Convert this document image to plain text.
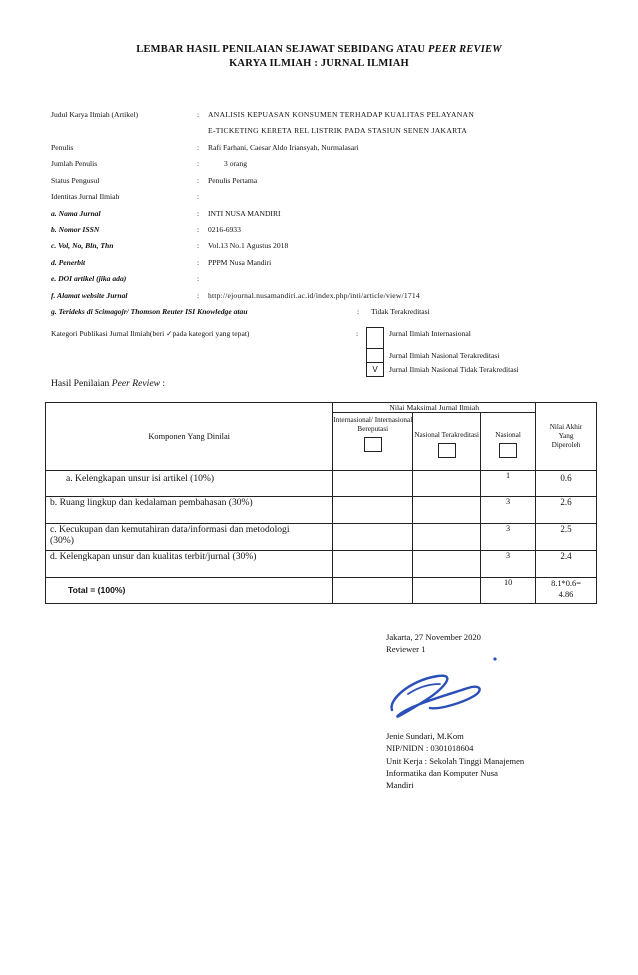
LEMBAR HASIL PENILAIAN SEJAWAT SEBIDANG ATAU PEER REVIEW
KARYA ILMIAH : JURNAL ILMIAH
Judul Karya Ilmiah (Artikel)	: ANALISIS KEPUASAN KONSUMEN TERHADAP KUALITAS PELAYANAN
E-TICKETING KERETA REL LISTRIK PADA STASIUN SENEN JAKARTA
Penulis	: Rafi Farhani, Caesar Aldo Iriansyah, Nurmalasari
Jumlah Penulis	:	3 orang
Status Pengusul	: Penulis Pertama
Identitas Jurnal Ilmiah	:
a. Nama Jurnal	: INTI NUSA MANDIRI
b. Nomor ISSN	: 0216-6933
c. Vol, No, Bln, Thn	: Vol.13 No.1 Agustus 2018
d. Penerbit	: PPPM Nusa Mandiri
e. DOI artikel (jika ada)	:
f. Alamat website Jurnal	: http://ejournal.nusamandiri.ac.id/index.php/inti/article/view/1714
g. Terideks di Scimagojr/ Thomson Reuter ISI Knowledge atau	: Tidak Terakreditasi
Kategori Publikasi Jurnal Ilmiah(beri ✓pada kategori yang tepat)	:	Jurnal Ilmiah Internasional
Jurnal Ilmiah Nasional Terakreditasi
V	Jurnal Ilmiah Nasional Tidak Terakreditasi
Hasil Penilaian Peer Review :
Komponen Yang Dinilai	Nilai Maksimal Jurnal Ilmiah			Nilai Akhir Yang Diperoleh

	Internasional/ Internasional Bereputasi	Nasional Terakreditasi	Nasional	

a. Kelengkapan unsur isi artikel (10%)			1	0.6
b. Ruang lingkup dan kedalaman pembahasan (30%)			3	2.6
c. Kecukupan dan kemutahiran data/informasi dan metodologi (30%)			3	2.5
d. Kelengkapan unsur dan kualitas terbit/jurnal (30%)			3	2.4
Total = (100%)			10	8.1*0.6=
4.86
Jakarta, 27 November 2020
Reviewer 1
Jenie Sundari, M.Kom
NIP/NIDN : 0301018604
Unit Kerja : Sekolah Tinggi Manajemen
Informatika dan Komputer Nusa
Mandiri
